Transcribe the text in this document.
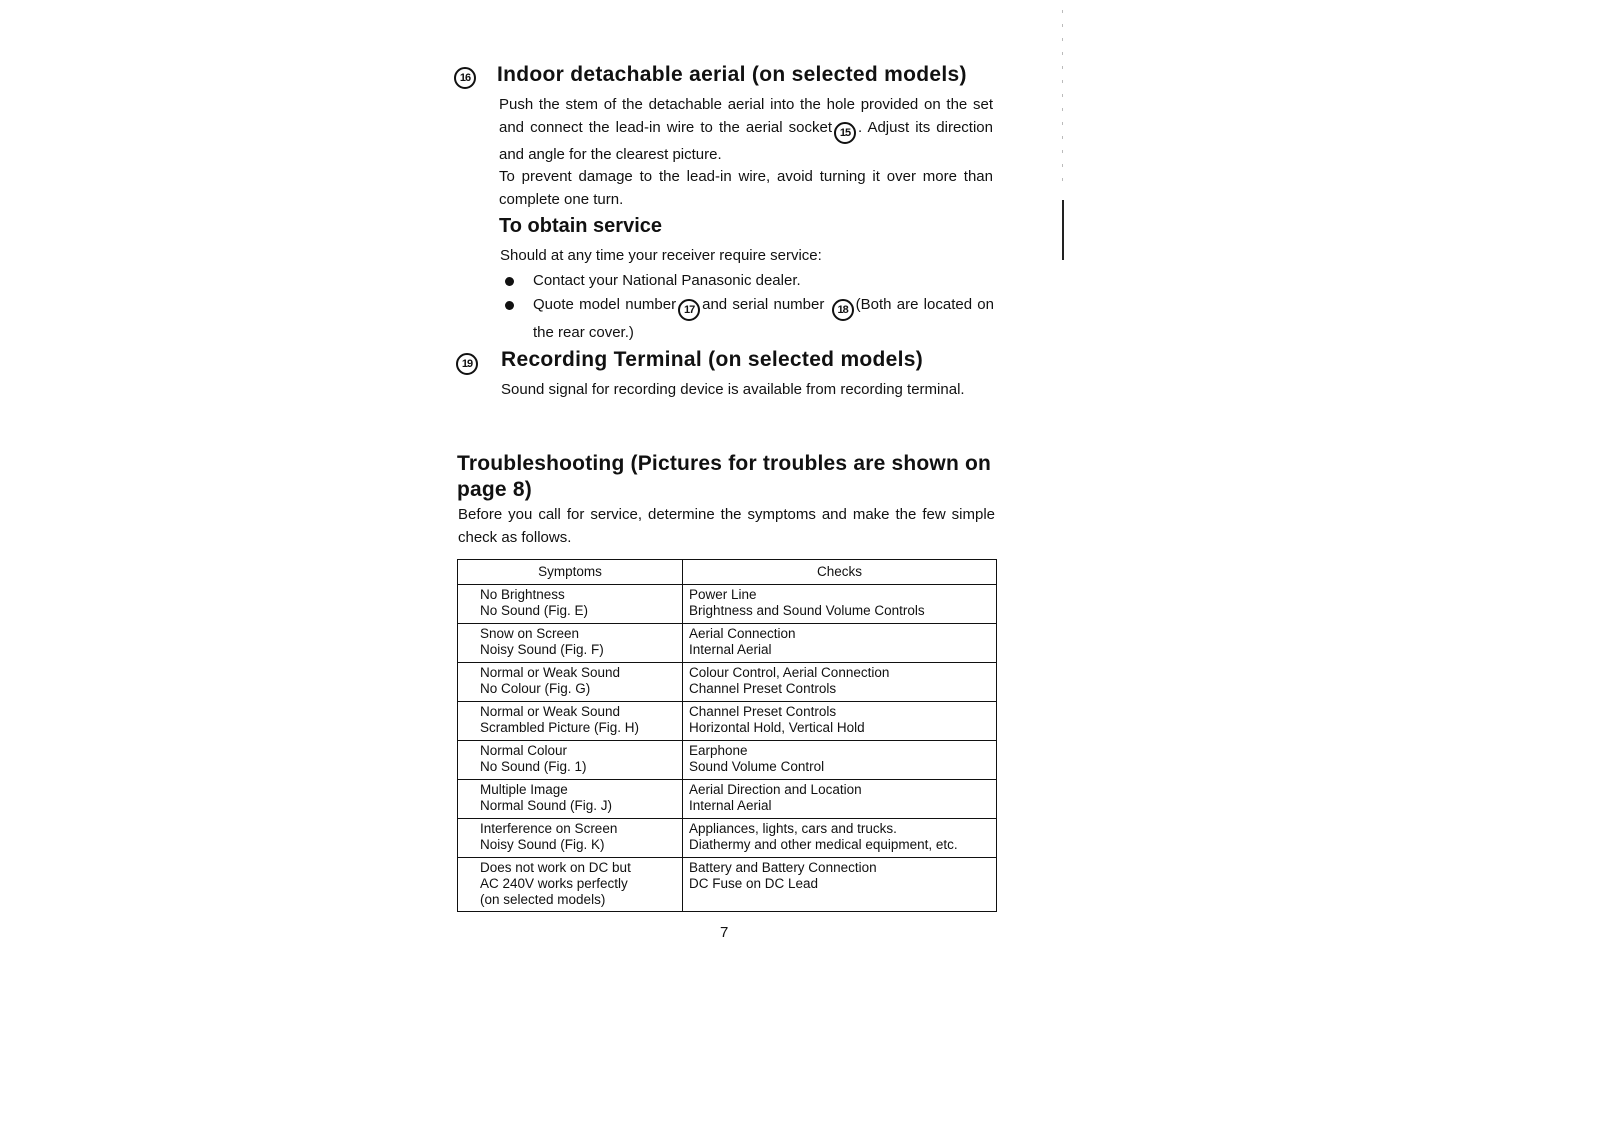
16 Indoor detachable aerial (on selected models)

Push the stem of the detachable aerial into the hole provided on the set and connect the lead-in wire to the aerial socket 15 . Adjust its direction and angle for the clearest picture.

To prevent damage to the lead-in wire, avoid turning it over more than complete one turn.

To obtain service
Should at any time your receiver require service:
Contact your National Panasonic dealer.
Quote model number 17 and serial number 18 (Both are located on the rear cover.)
19 Recording Terminal (on selected models)
Sound signal for recording device is available from recording terminal.
Troubleshooting (Pictures for troubles are shown on page 8)
Before you call for service, determine the symptoms and make the few simple check as follows.
Symptoms	Checks

No Brightness
No Sound (Fig. E)	Power Line
Brightness and Sound Volume Controls

Snow on Screen
Noisy Sound (Fig. F)	Aerial Connection
Internal Aerial

Normal or Weak Sound
No Colour (Fig. G)	Colour Control, Aerial Connection
Channel Preset Controls

Normal or Weak Sound
Scrambled Picture (Fig. H)	Channel Preset Controls
Horizontal Hold, Vertical Hold

Normal Colour
No Sound (Fig. 1)	Earphone
Sound Volume Control

Multiple Image
Normal Sound (Fig. J)	Aerial Direction and Location
Internal Aerial

Interference on Screen
Noisy Sound (Fig. K)	Appliances, lights, cars and trucks.
Diathermy and other medical equipment, etc.

Does not work on DC but
AC 240V works perfectly
(on selected models)	Battery and Battery Connection
DC Fuse on DC Lead
7
